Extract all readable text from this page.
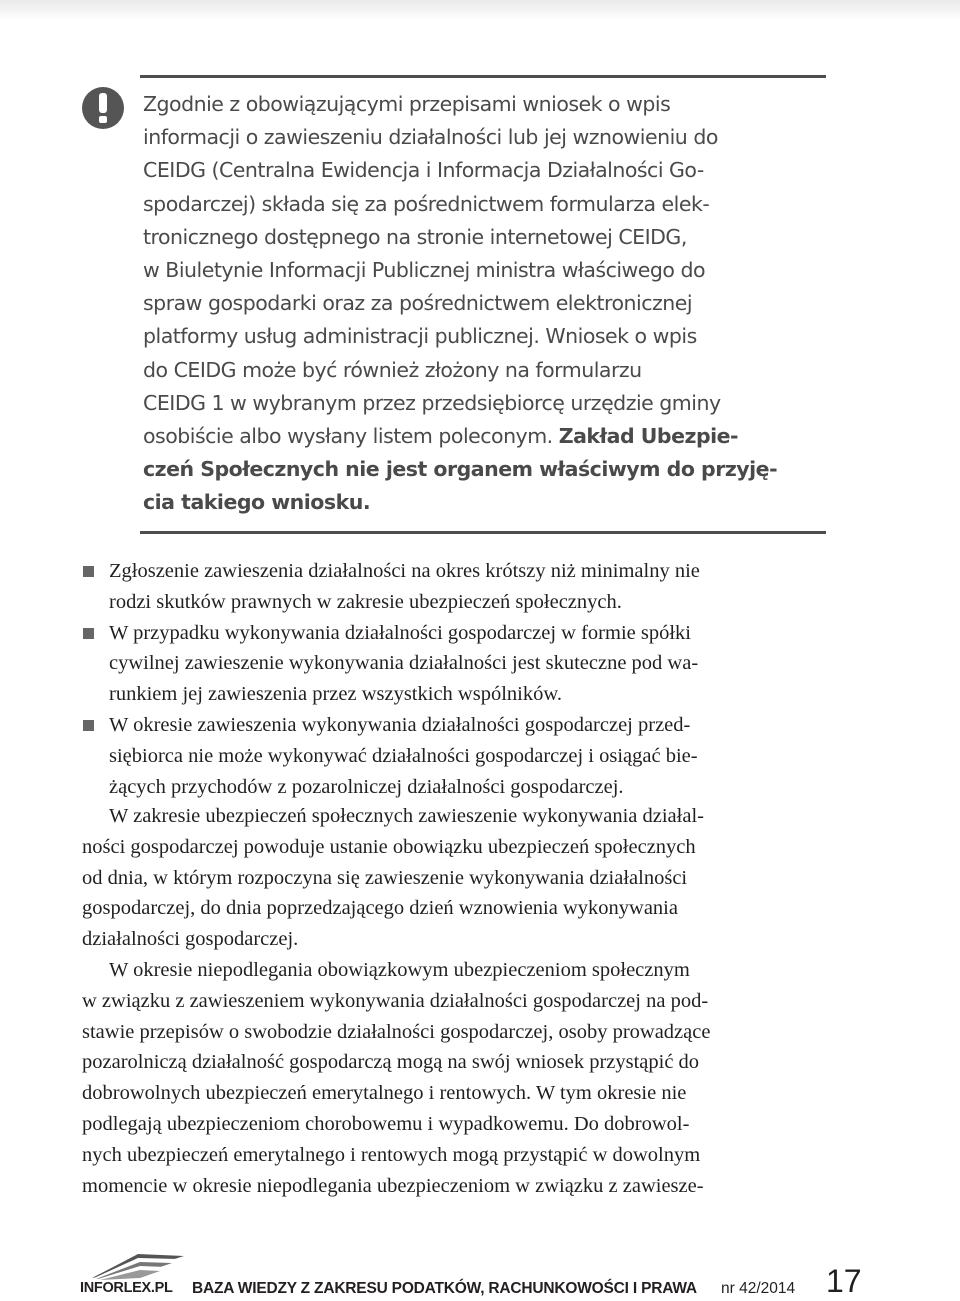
Zgodnie z obowiązującymi przepisami wniosek o wpis
informacji o zawieszeniu działalności lub jej wznowieniu do
CEIDG (Centralna Ewidencja i Informacja Działalności Go-
spodarczej) składa się za pośrednictwem formularza elek-
tronicznego dostępnego na stronie internetowej CEIDG,
w Biuletynie Informacji Publicznej ministra właściwego do
spraw gospodarki oraz za pośrednictwem elektronicznej
platformy usług administracji publicznej. Wniosek o wpis
do CEIDG może być również złożony na formularzu
CEIDG 1 w wybranym przez przedsiębiorcę urzędzie gminy
osobiście albo wysłany listem poleconym. Zakład Ubezpie-
czeń Społecznych nie jest organem właściwym do przyję-
cia takiego wniosku.
Zgłoszenie zawieszenia działalności na okres krótszy niż minimalny nie
rodzi skutków prawnych w zakresie ubezpieczeń społecznych.
W przypadku wykonywania działalności gospodarczej w formie spółki
cywilnej zawieszenie wykonywania działalności jest skuteczne pod wa-
runkiem jej zawieszenia przez wszystkich wspólników.
W okresie zawieszenia wykonywania działalności gospodarczej przed-
siębiorca nie może wykonywać działalności gospodarczej i osiągać bie-
żących przychodów z pozarolniczej działalności gospodarczej.
W zakresie ubezpieczeń społecznych zawieszenie wykonywania działal-
ności gospodarczej powoduje ustanie obowiązku ubezpieczeń społecznych
od dnia, w którym rozpoczyna się zawieszenie wykonywania działalności
gospodarczej, do dnia poprzedzającego dzień wznowienia wykonywania
działalności gospodarczej.
W okresie niepodlegania obowiązkowym ubezpieczeniom społecznym
w związku z zawieszeniem wykonywania działalności gospodarczej na pod-
stawie przepisów o swobodzie działalności gospodarczej, osoby prowadzące
pozarolniczą działalność gospodarczą mogą na swój wniosek przystąpić do
dobrowolnych ubezpieczeń emerytalnego i rentowych. W tym okresie nie
podlegają ubezpieczeniom chorobowemu i wypadkowemu. Do dobrowol-
nych ubezpieczeń emerytalnego i rentowych mogą przystąpić w dowolnym
momencie w okresie niepodlegania ubezpieczeniom w związku z zawiesze-
INFORLEX.PL BAZA WIEDZY Z ZAKRESU PODATKÓW, RACHUNKOWOŚCI I PRAWA nr 42/2014 17
